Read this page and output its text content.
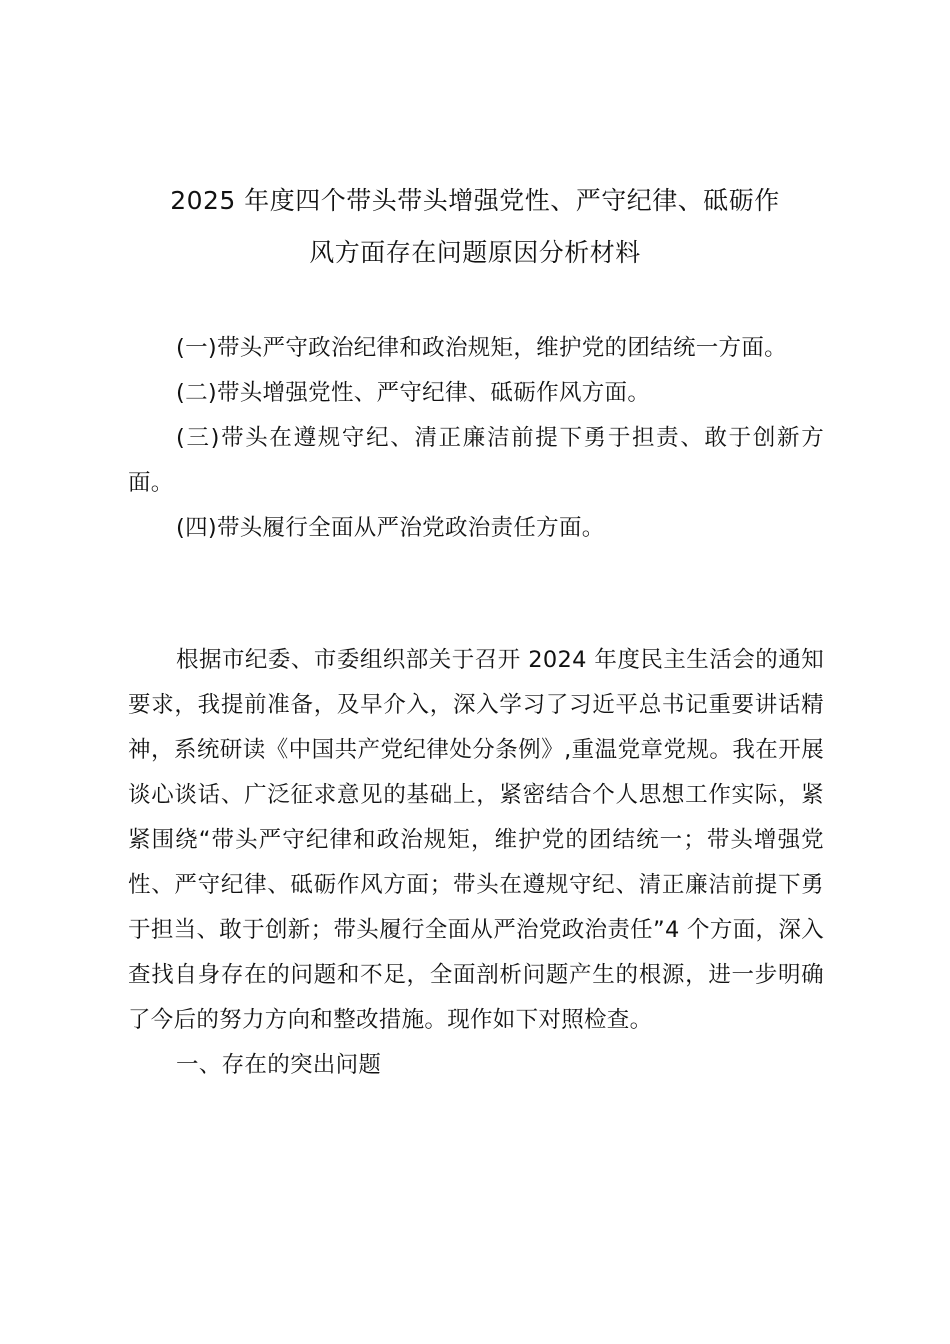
2025 年度四个带头带头增强党性、严守纪律、砥砺作
风方面存在问题原因分析材料

(一)带头严守政治纪律和政治规矩，维护党的团结统一方面。

(二)带头增强党性、严守纪律、砥砺作风方面。

(三)带头在遵规守纪、清正廉洁前提下勇于担责、敢于创新方面。

(四)带头履行全面从严治党政治责任方面。

根据市纪委、市委组织部关于召开 2024 年度民主生活会的通知要求，我提前准备，及早介入，深入学习了习近平总书记重要讲话精神，系统研读《中国共产党纪律处分条例》,重温党章党规。我在开展谈心谈话、广泛征求意见的基础上，紧密结合个人思想工作实际，紧紧围绕“带头严守纪律和政治规矩，维护党的团结统一；带头增强党性、严守纪律、砥砺作风方面；带头在遵规守纪、清正廉洁前提下勇于担当、敢于创新；带头履行全面从严治党政治责任”4 个方面，深入查找自身存在的问题和不足，全面剖析问题产生的根源，进一步明确了今后的努力方向和整改措施。现作如下对照检查。

一、存在的突出问题
